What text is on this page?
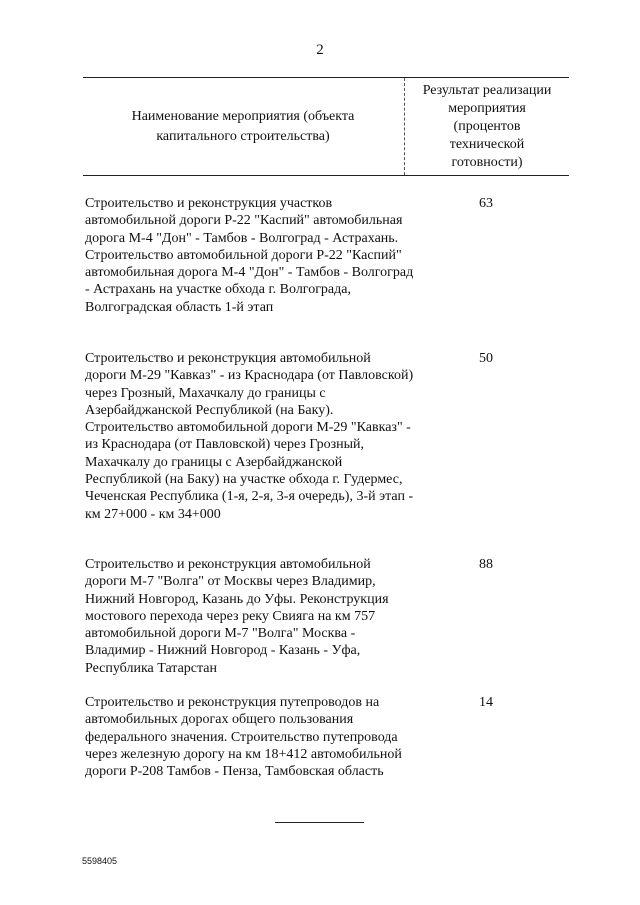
2
Наименование мероприятия (объекта капитального строительства)
Результат реализации мероприятия (процентов технической готовности)
Строительство и реконструкция участков автомобильной дороги Р-22 "Каспий" автомобильная дорога М-4 "Дон" - Тамбов - Волгоград - Астрахань. Строительство автомобильной дороги Р-22 "Каспий" автомобильная дорога М-4 "Дон" - Тамбов - Волгоград - Астрахань на участке обхода г. Волгограда, Волгоградская область 1-й этап
63
Строительство и реконструкция автомобильной дороги М-29 "Кавказ" - из Краснодара (от Павловской) через Грозный, Махачкалу до границы с Азербайджанской Республикой (на Баку). Строительство автомобильной дороги М-29 "Кавказ" - из Краснодара (от Павловской) через Грозный, Махачкалу до границы с Азербайджанской Республикой (на Баку) на участке обхода г. Гудермес, Чеченская Республика (1-я, 2-я, 3-я очередь), 3-й этап - км 27+000 - км 34+000
50
Строительство и реконструкция автомобильной дороги М-7 "Волга" от Москвы через Владимир, Нижний Новгород, Казань до Уфы. Реконструкция мостового перехода через реку Свияга на км 757 автомобильной дороги М-7 "Волга" Москва - Владимир - Нижний Новгород - Казань - Уфа, Республика Татарстан
88
Строительство и реконструкция путепроводов на автомобильных дорогах общего пользования федерального значения. Строительство путепровода через железную дорогу на км 18+412 автомобильной дороги Р-208 Тамбов - Пенза, Тамбовская область
14
5598405
